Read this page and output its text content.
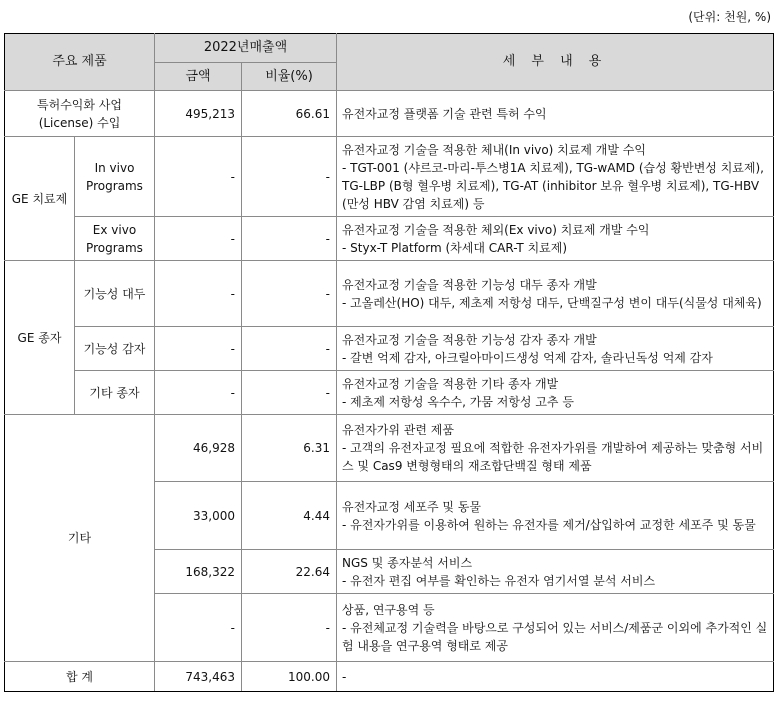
(단위: 천원, %)
주요 제품		2022년매출액		세 부 내 용
		금액	비율(%)	

특허수익화 사업
(License) 수입		495,213	66.61	유전자교정 플랫폼 기술 관련 특허 수익
GE 치료제	In vivo
Programs	-	-	유전자교정 기술을 적용한 체내(In vivo) 치료제 개발 수익
- TGT-001 (샤르코-마리-투스병1A 치료제), TG-wAMD (습성 황반변성 치료제), TG-LBP (B형 혈우병 치료제), TG-AT (inhibitor 보유 혈우병 치료제), TG-HBV (만성 HBV 감염 치료제) 등

	Ex vivo
Programs	-	-	유전자교정 기술을 적용한 체외(Ex vivo) 치료제 개발 수익
- Styx-T Platform (차세대 CAR-T 치료제)

GE 종자	기능성 대두	-	-	유전자교정 기술을 적용한 기능성 대두 종자 개발
- 고올레산(HO) 대두, 제초제 저항성 대두, 단백질구성 변이 대두(식물성 대체육)

	기능성 감자	-	-	유전자교정 기술을 적용한 기능성 감자 종자 개발
- 갈변 억제 감자, 아크릴아마이드생성 억제 감자, 솔라닌독성 억제 감자

	기타 종자	-	-	유전자교정 기술을 적용한 기타 종자 개발
- 제초제 저항성 옥수수, 가뭄 저항성 고추 등

기타		46,928	6.31	유전자가위 관련 제품
- 고객의 유전자교정 필요에 적합한 유전자가위를 개발하여 제공하는 맞춤형 서비스 및 Cas9 변형형태의 재조합단백질 형태 제품

		33,000	4.44	유전자교정 세포주 및 동물
- 유전자가위를 이용하여 원하는 유전자를 제거/삽입하여 교정한 세포주 및 동물

		168,322	22.64	NGS 및 종자분석 서비스
- 유전자 편집 여부를 확인하는 유전자 염기서열 분석 서비스

		-	-	상품, 연구용역 등
- 유전체교정 기술력을 바탕으로 구성되어 있는 서비스/제품군 이외에 추가적인 실험 내용을 연구용역 형태로 제공

합 계		743,463	100.00	-
